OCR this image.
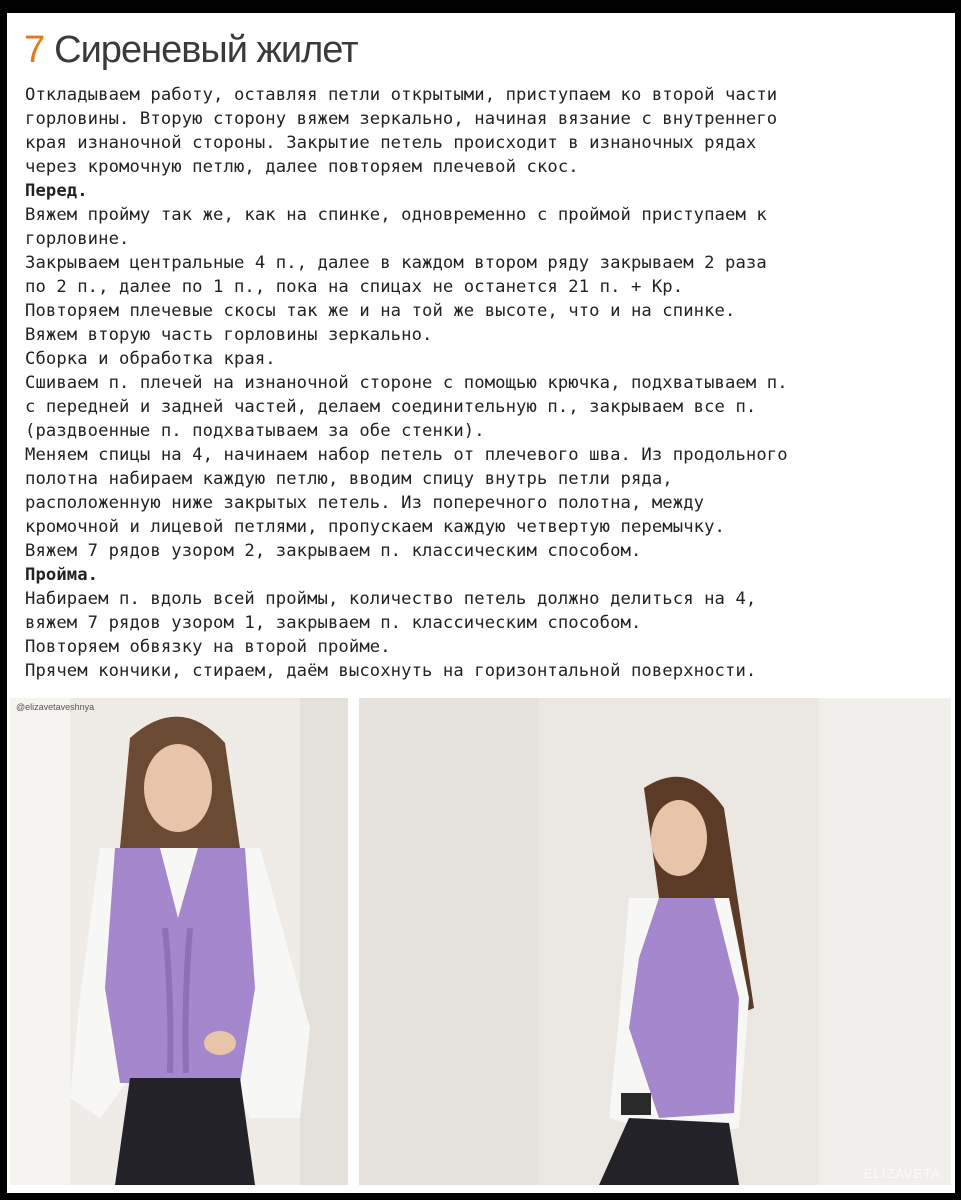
7 Сиреневый жилет
Откладываем работу, оставляя петли открытыми, приступаем ко второй части
горловины. Вторую сторону вяжем зеркально, начиная вязание с внутреннего
края изнаночной стороны. Закрытие петель происходит в изнаночных рядах
через кромочную петлю, далее повторяем плечевой скос.
Перед.
Вяжем пройму так же, как на спинке, одновременно с проймой приступаем к
горловине.
Закрываем центральные 4 п., далее в каждом втором ряду закрываем 2 раза
по 2 п., далее по 1 п., пока на спицах не останется 21 п. + Кр.
Повторяем плечевые скосы так же и на той же высоте, что и на спинке.
Вяжем вторую часть горловины зеркально.
Сборка и обработка края.
Сшиваем п. плечей на изнаночной стороне с помощью крючка, подхватываем п.
с передней и задней частей, делаем соединительную п., закрываем все п.
(раздвоенные п. подхватываем за обе стенки).
Меняем спицы на 4, начинаем набор петель от плечевого шва. Из продольного
полотна набираем каждую петлю, вводим спицу внутрь петли ряда,
расположенную ниже закрытых петель. Из поперечного полотна, между
кромочной и лицевой петлями, пропускаем каждую четвертую перемычку.
Вяжем 7 рядов узором 2, закрываем п. классическим способом.
Пройма.
Набираем п. вдоль всей проймы, количество петель должно делиться на 4,
вяжем 7 рядов узором 1, закрываем п. классическим способом.
Повторяем обвязку на второй пройме.
Прячем кончики, стираем, даём высохнуть на горизонтальной поверхности.
@elizavetaveshnya
ELIZAVETA
